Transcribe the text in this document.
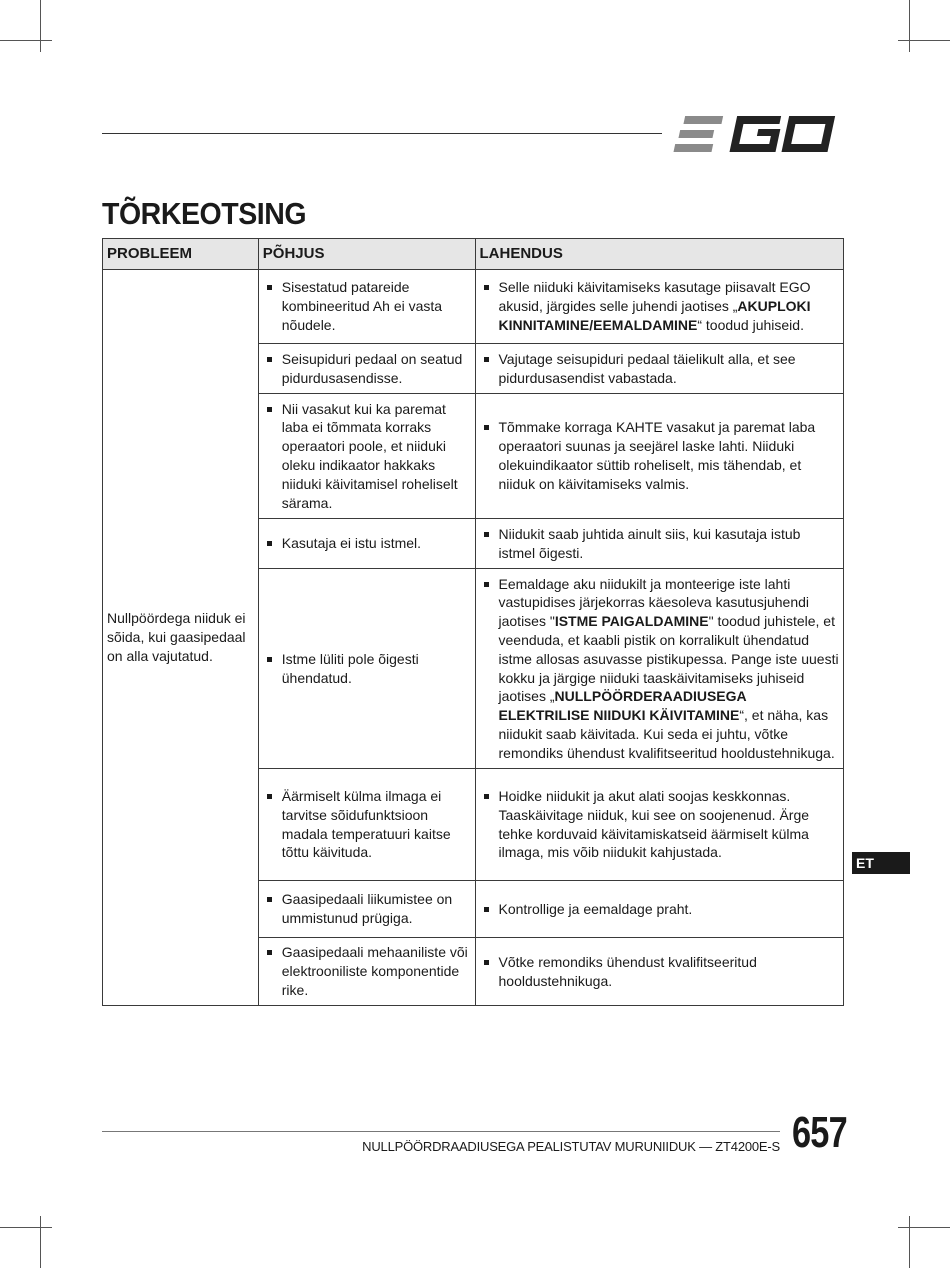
TÕRKEOTSING
PROBLEEM	PÕHJUS	LAHENDUS
Nullpöördega niiduk ei sõida, kui gaasipedaal on alla vajutatud.	Sisestatud patareide kombineeritud Ah ei vasta nõudele.	Selle niiduki käivitamiseks kasutage piisavalt EGO akusid, järgides selle juhendi jaotises „AKUPLOKI KINNITAMINE/EEMALDAMINE“ toodud juhiseid.

	Seisupiduri pedaal on seatud pidurdusasendisse.	Vajutage seisupiduri pedaal täielikult alla, et see pidurdusasendist vabastada.

	Nii vasakut kui ka paremat laba ei tõmmata korraks operaatori poole, et niiduki oleku indikaator hakkaks niiduki käivitamisel roheliselt särama.	Tõmmake korraga KAHTE vasakut ja paremat laba operaatori suunas ja seejärel laske lahti. Niiduki olekuindikaator süttib roheliselt, mis tähendab, et niiduk on käivitamiseks valmis.

	Kasutaja ei istu istmel.	Niidukit saab juhtida ainult siis, kui kasutaja istub istmel õigesti.

	Istme lüliti pole õigesti ühendatud.	Eemaldage aku niidukilt ja monteerige iste lahti vastupidises järjekorras käesoleva kasutusjuhendi jaotises "ISTME PAIGALDAMINE" toodud juhistele, et veenduda, et kaabli pistik on korralikult ühendatud istme allosas asuvasse pistikupessa. Pange iste uuesti kokku ja järgige niiduki taaskäivitamiseks juhiseid jaotises „NULLPÖÖRDERAADIUSEGA ELEKTRILISE NIIDUKI KÄIVITAMINE“, et näha, kas niidukit saab käivitada. Kui seda ei juhtu, võtke remondiks ühendust kvalifitseeritud hooldustehnikuga.

	Äärmiselt külma ilmaga ei tarvitse sõidufunktsioon madala temperatuuri kaitse tõttu käivituda.	Hoidke niidukit ja akut alati soojas keskkonnas. Taaskäivitage niiduk, kui see on soojenenud. Ärge tehke korduvaid käivitamiskatseid äärmiselt külma ilmaga, mis võib niidukit kahjustada.

	Gaasipedaali liikumistee on ummistunud prügiga.	Kontrollige ja eemaldage praht.

	Gaasipedaali mehaaniliste või elektrooniliste komponentide rike.	Võtke remondiks ühendust kvalifitseeritud hooldustehnikuga.
ET
NULLPÖÖRDRAADIUSEGA PEALISTUTAV MURUNIIDUK — ZT4200E-S 657
